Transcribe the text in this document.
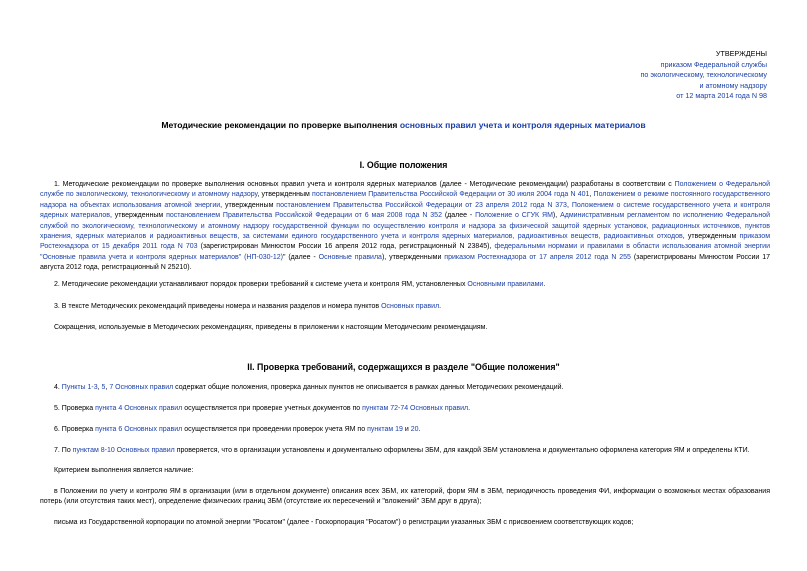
УТВЕРЖДЕНЫ
приказом Федеральной службы
по экологическому, технологическому
и атомному надзору
от 12 марта 2014 года N 98
Методические рекомендации по проверке выполнения основных правил учета и контроля ядерных материалов
I. Общие положения

1. Методические рекомендации по проверке выполнения основных правил учета и контроля ядерных материалов (далее - Методические рекомендации) разработаны в соответствии с Положением о Федеральной службе по экологическому, технологическому и атомному надзору, утвержденным постановлением Правительства Российской Федерации от 30 июля 2004 года N 401, Положением о режиме постоянного государственного надзора на объектах использования атомной энергии, утвержденным постановлением Правительства Российской Федерации от 23 апреля 2012 года N 373, Положением о системе государственного учета и контроля ядерных материалов, утвержденным постановлением Правительства Российской Федерации от 6 мая 2008 года N 352 (далее - Положение о СГУК ЯМ), Административным регламентом по исполнению Федеральной службой по экологическому, технологическому и атомному надзору государственной функции по осуществлению контроля и надзора за физической защитой ядерных установок, радиационных источников, пунктов хранения, ядерных материалов и радиоактивных веществ, за системами единого государственного учета и контроля ядерных материалов, радиоактивных веществ, радиоактивных отходов, утвержденным приказом Ростехнадзора от 15 декабря 2011 года N 703 (зарегистрирован Минюстом России 16 апреля 2012 года, регистрационный N 23845), федеральными нормами и правилами в области использования атомной энергии "Основные правила учета и контроля ядерных материалов" (НП-030-12)" (далее - Основные правила), утвержденными приказом Ростехнадзора от 17 апреля 2012 года N 255 (зарегистрированы Минюстом России 17 августа 2012 года, регистрационный N 25210).

2. Методические рекомендации устанавливают порядок проверки требований к системе учета и контроля ЯМ, установленных Основными правилами.

3. В тексте Методических рекомендаций приведены номера и названия разделов и номера пунктов Основных правил.

Сокращения, используемые в Методических рекомендациях, приведены в приложении к настоящим Методическим рекомендациям.

II. Проверка требований, содержащихся в разделе "Общие положения"

4. Пункты 1-3, 5, 7 Основных правил содержат общие положения, проверка данных пунктов не описывается в рамках данных Методических рекомендаций.

5. Проверка пункта 4 Основных правил осуществляется при проверке учетных документов по пунктам 72-74 Основных правил.

6. Проверка пункта 6 Основных правил осуществляется при проведении проверок учета ЯМ по пунктам 19 и 20.

7. По пунктам 8-10 Основных правил проверяется, что в организации установлены и документально оформлены ЗБМ, для каждой ЗБМ установлена и документально оформлена категория ЯМ и определены КТИ.

Критерием выполнения является наличие:

в Положении по учету и контролю ЯМ в организации (или в отдельном документе) описания всех ЗБМ, их категорий, форм ЯМ в ЗБМ, периодичность проведения ФИ, информации о возможных местах образования потерь (или отсутствия таких мест), определение физических границ ЗБМ (отсутствие их пересечений и "вложений" ЗБМ друг в друга);

письма из Государственной корпорации по атомной энергии "Росатом" (далее - Госкорпорация "Росатом") о регистрации указанных ЗБМ с присвоением соответствующих кодов;
